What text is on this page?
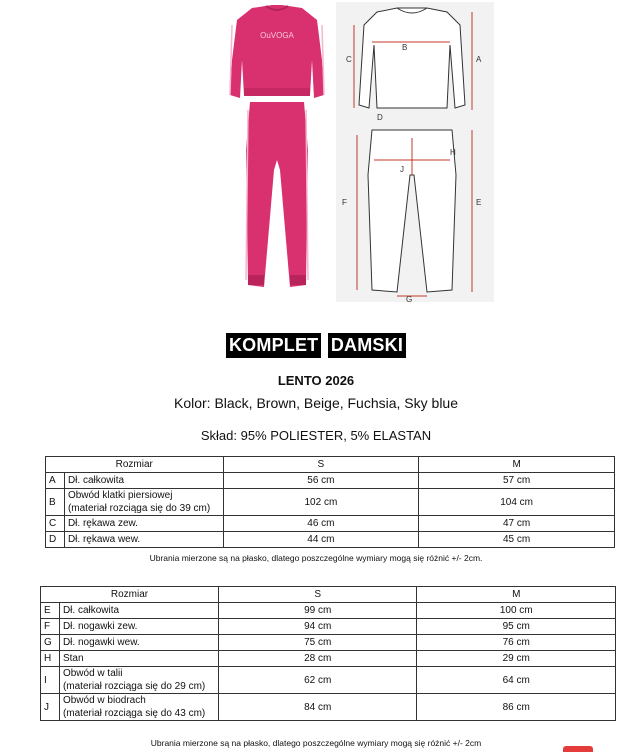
OuVOGA
A
B
C
D
E
F
G
H
J
KOMPLET DAMSKI
LENTO 2026
Kolor: Black, Brown, Beige, Fuchsia, Sky blue
Skład: 95% POLIESTER, 5% ELASTAN
Rozmiar		S	M
A	Dł. całkowita	56 cm	57 cm
B	Obwód klatki piersiowej
(materiał rozciąga się do 39 cm)	102 cm	104 cm
C	Dł. rękawa zew.	46 cm	47 cm
D	Dł. rękawa wew.	44 cm	45 cm
Ubrania mierzone są na płasko, dlatego poszczególne wymiary mogą się różnić +/- 2cm.
Rozmiar		S	M
E	Dł. całkowita	99 cm	100 cm
F	Dł. nogawki zew.	94 cm	95 cm
G	Dł. nogawki wew.	75 cm	76 cm
H	Stan	28 cm	29 cm
I	Obwód w talii
(materiał rozciąga się do 29 cm)	62 cm	64 cm
J	Obwód w biodrach
(materiał rozciąga się do 43 cm)	84 cm	86 cm
Ubrania mierzone są na płasko, dlatego poszczególne wymiary mogą się różnić +/- 2cm
